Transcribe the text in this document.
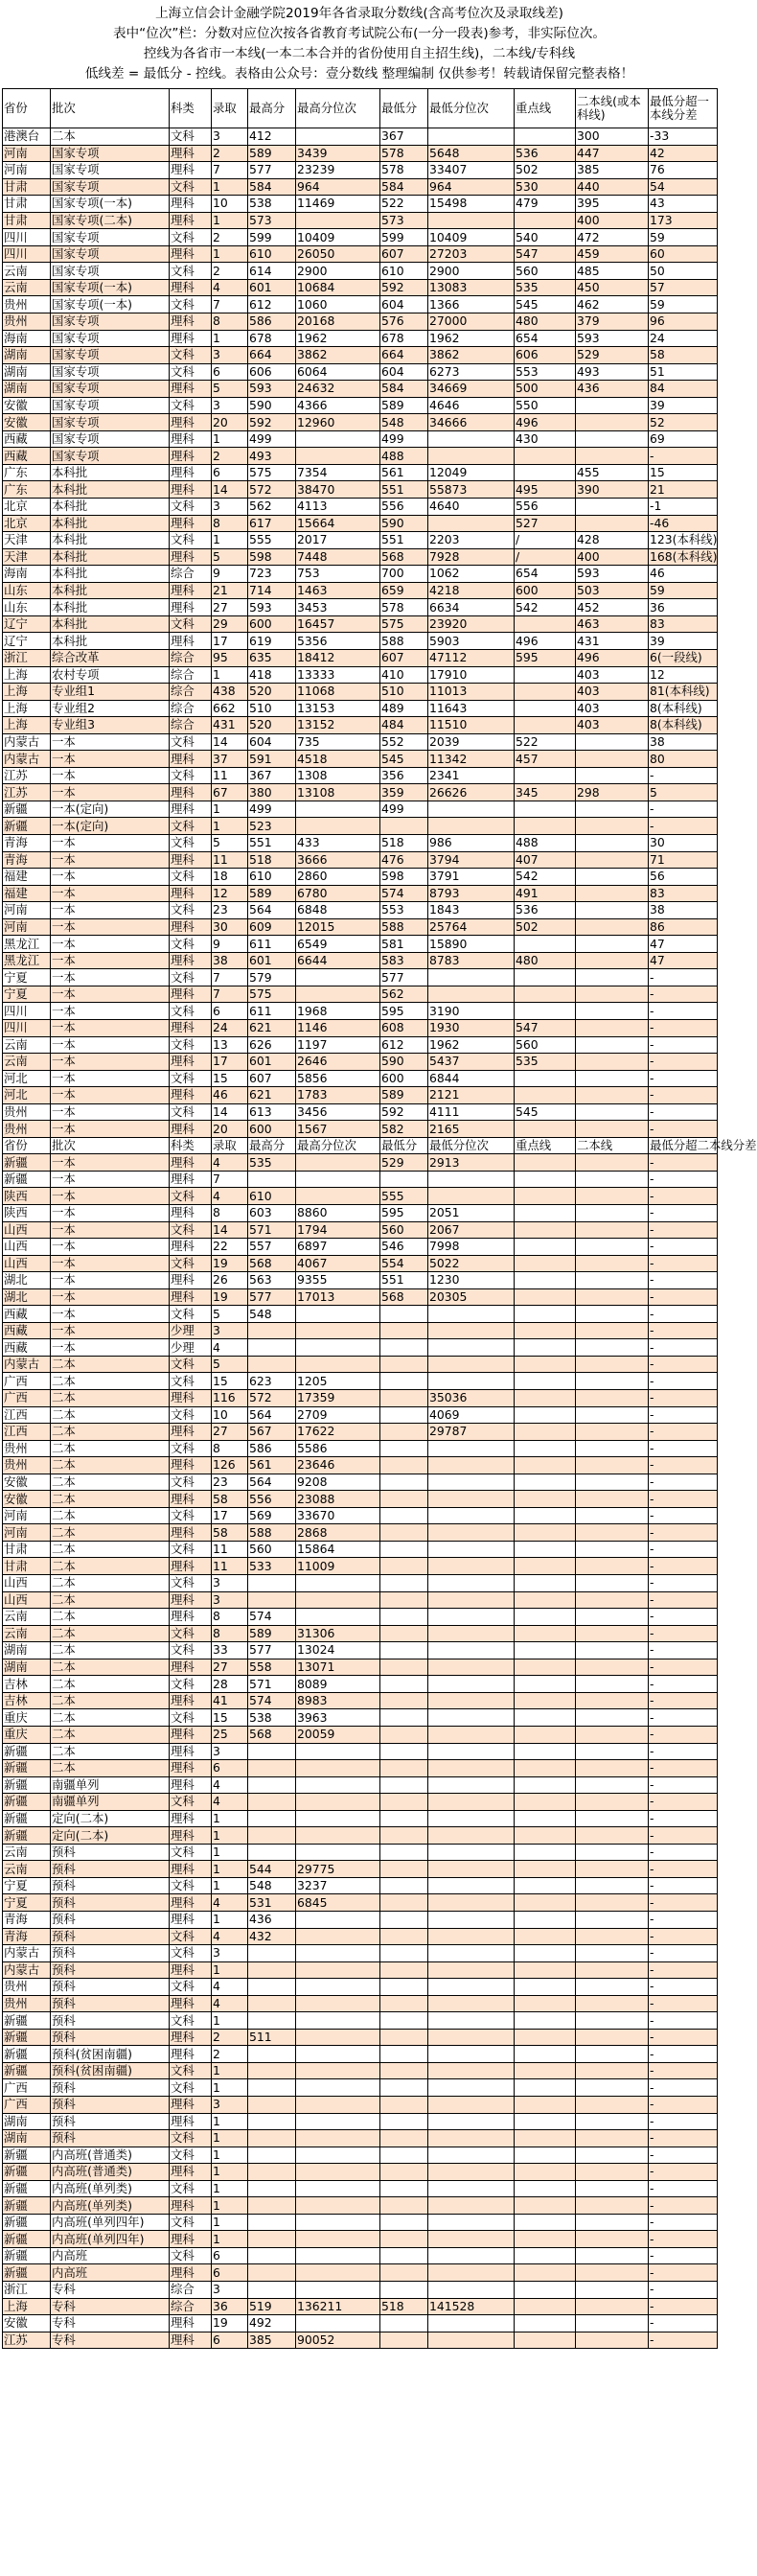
上海立信会计金融学院2019年各省录取分数线(含高考位次及录取线差)
表中“位次”栏：分数对应位次按各省教育考试院公布(一分一段表)参考，非实际位次。
控线为各省市一本线(一本二本合并的省份使用自主招生线)，二本线/专科线
低线差 = 最低分 - 控线。表格由公众号：壹分数线 整理编制 仅供参考！转载请保留完整表格！
省份	批次	科类	录取	最高分	最高分位次	最低分	最低分位次	重点线	二本线(或本科线)	最低分超一本线分差
港澳台	二本	文科	3	412		367			300	-33
河南	国家专项	理科	2	589	3439	578	5648	536	447	42
河南	国家专项	理科	7	577	23239	578	33407	502	385	76
甘肃	国家专项	文科	1	584	964	584	964	530	440	54
甘肃	国家专项(一本)	理科	10	538	11469	522	15498	479	395	43
甘肃	国家专项(二本)	理科	1	573		573			400	173
四川	国家专项	文科	2	599	10409	599	10409	540	472	59
四川	国家专项	理科	1	610	26050	607	27203	547	459	60
云南	国家专项	文科	2	614	2900	610	2900	560	485	50
云南	国家专项(一本)	理科	4	601	10684	592	13083	535	450	57
贵州	国家专项(一本)	文科	7	612	1060	604	1366	545	462	59
贵州	国家专项	理科	8	586	20168	576	27000	480	379	96
海南	国家专项	理科	1	678	1962	678	1962	654	593	24
湖南	国家专项	文科	3	664	3862	664	3862	606	529	58
湖南	国家专项	文科	6	606	6064	604	6273	553	493	51
湖南	国家专项	理科	5	593	24632	584	34669	500	436	84
安徽	国家专项	文科	3	590	4366	589	4646	550		39
安徽	国家专项	理科	20	592	12960	548	34666	496		52
西藏	国家专项	理科	1	499		499		430		69
西藏	国家专项	理科	2	493		488				-
广东	本科批	理科	6	575	7354	561	12049		455	15
广东	本科批	理科	14	572	38470	551	55873	495	390	21
北京	本科批	文科	3	562	4113	556	4640	556		-1
北京	本科批	理科	8	617	15664	590		527		-46
天津	本科批	文科	1	555	2017	551	2203	/	428	123(本科线)
天津	本科批	理科	5	598	7448	568	7928	/	400	168(本科线)
海南	本科批	综合	9	723	753	700	1062	654	593	46
山东	本科批	理科	21	714	1463	659	4218	600	503	59
山东	本科批	理科	27	593	3453	578	6634	542	452	36
辽宁	本科批	文科	29	600	16457	575	23920		463	83
辽宁	本科批	理科	17	619	5356	588	5903	496	431	39
浙江	综合改革	综合	95	635	18412	607	47112	595	496	6(一段线)
上海	农村专项	综合	1	418	13333	410	17910		403	12
上海	专业组1	综合	438	520	11068	510	11013		403	81(本科线)
上海	专业组2	综合	662	510	13153	489	11643		403	8(本科线)
上海	专业组3	综合	431	520	13152	484	11510		403	8(本科线)
内蒙古	一本	文科	14	604	735	552	2039	522		38
内蒙古	一本	理科	37	591	4518	545	11342	457		80
江苏	一本	文科	11	367	1308	356	2341			-
江苏	一本	理科	67	380	13108	359	26626	345	298	5
新疆	一本(定向)	理科	1	499		499				-
新疆	一本(定向)	文科	1	523						-
青海	一本	文科	5	551	433	518	986	488		30
青海	一本	理科	11	518	3666	476	3794	407		71
福建	一本	文科	18	610	2860	598	3791	542		56
福建	一本	理科	12	589	6780	574	8793	491		83
河南	一本	文科	23	564	6848	553	1843	536		38
河南	一本	理科	30	609	12015	588	25764	502		86
黑龙江	一本	文科	9	611	6549	581	15890			47
黑龙江	一本	理科	38	601	6644	583	8783	480		47
宁夏	一本	文科	7	579		577				-
宁夏	一本	理科	7	575		562				-
四川	一本	文科	6	611	1968	595	3190			-
四川	一本	理科	24	621	1146	608	1930	547		-
云南	一本	文科	13	626	1197	612	1962	560		-
云南	一本	理科	17	601	2646	590	5437	535		-
河北	一本	文科	15	607	5856	600	6844			-
河北	一本	理科	46	621	1783	589	2121			-
贵州	一本	文科	14	613	3456	592	4111	545		-
贵州	一本	理科	20	600	1567	582	2165			-
省份	批次	科类	录取	最高分	最高分位次	最低分	最低分位次	重点线	二本线	最低分超二本线分差
新疆	一本	理科	4	535		529	2913			-
新疆	一本	理科	7							-
陕西	一本	文科	4	610		555				-
陕西	一本	理科	8	603	8860	595	2051			-
山西	一本	文科	14	571	1794	560	2067			-
山西	一本	理科	22	557	6897	546	7998			-
山西	一本	文科	19	568	4067	554	5022			-
湖北	一本	理科	26	563	9355	551	1230			-
湖北	一本	理科	19	577	17013	568	20305			-
西藏	一本	文科	5	548						-
西藏	一本	少理	3							-
西藏	一本	少理	4							-
内蒙古	二本	文科	5							-
广西	二本	文科	15	623	1205					-
广西	二本	理科	116	572	17359		35036			-
江西	二本	文科	10	564	2709		4069			-
江西	二本	理科	27	567	17622		29787			-
贵州	二本	文科	8	586	5586					-
贵州	二本	理科	126	561	23646					-
安徽	二本	文科	23	564	9208					-
安徽	二本	理科	58	556	23088					-
河南	二本	文科	17	569	33670					-
河南	二本	理科	58	588	2868					-
甘肃	二本	文科	11	560	15864					-
甘肃	二本	理科	11	533	11009					-
山西	二本	文科	3							-
山西	二本	理科	3							-
云南	二本	理科	8	574						-
云南	二本	文科	8	589	31306					-
湖南	二本	文科	33	577	13024					-
湖南	二本	理科	27	558	13071					-
吉林	二本	文科	28	571	8089					-
吉林	二本	理科	41	574	8983					-
重庆	二本	文科	15	538	3963					-
重庆	二本	理科	25	568	20059					-
新疆	二本	理科	3							-
新疆	二本	理科	6							-
新疆	南疆单列	理科	4							-
新疆	南疆单列	文科	4							-
新疆	定向(二本)	理科	1							-
新疆	定向(二本)	理科	1							-
云南	预科	文科	1							-
云南	预科	理科	1	544	29775					-
宁夏	预科	文科	1	548	3237					-
宁夏	预科	理科	4	531	6845					-
青海	预科	理科	1	436						-
青海	预科	文科	4	432						-
内蒙古	预科	文科	3							-
内蒙古	预科	理科	1							-
贵州	预科	文科	4							-
贵州	预科	理科	4							-
新疆	预科	文科	1							-
新疆	预科	理科	2	511						-
新疆	预科(贫困南疆)	理科	2							-
新疆	预科(贫困南疆)	文科	1							-
广西	预科	文科	1							-
广西	预科	理科	3							-
湖南	预科	理科	1							-
湖南	预科	文科	1							-
新疆	内高班(普通类)	文科	1							-
新疆	内高班(普通类)	理科	1							-
新疆	内高班(单列类)	文科	1							-
新疆	内高班(单列类)	理科	1							-
新疆	内高班(单列四年)	文科	1							-
新疆	内高班(单列四年)	理科	1							-
新疆	内高班	文科	6							-
新疆	内高班	理科	6							-
浙江	专科	综合	3							-
上海	专科	综合	36	519	136211	518	141528			-
安徽	专科	理科	19	492						-
江苏	专科	理科	6	385	90052					-
